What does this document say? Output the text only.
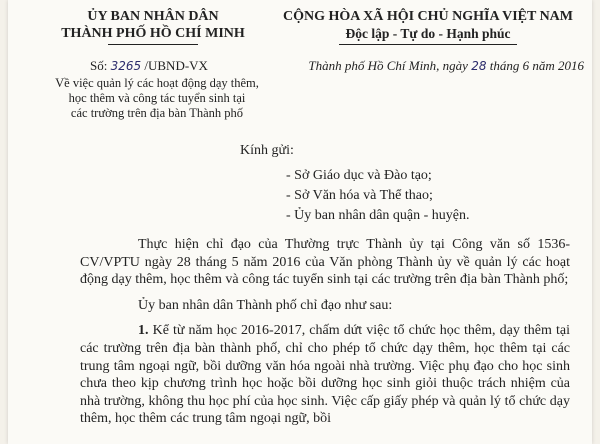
ỦY BAN NHÂN DÂN
THÀNH PHỐ HỒ CHÍ MINH
CỘNG HÒA XÃ HỘI CHỦ NGHĨA VIỆT NAM
Độc lập - Tự do - Hạnh phúc
Số: 3265 /UBND-VX
Về việc quản lý các hoạt động dạy thêm,
học thêm và công tác tuyển sinh tại
các trường trên địa bàn Thành phố
Thành phố Hồ Chí Minh, ngày 28 tháng 6 năm 2016
Kính gửi:
- Sở Giáo dục và Đào tạo;
- Sở Văn hóa và Thể thao;
- Ủy ban nhân dân quận - huyện.

Thực hiện chỉ đạo của Thường trực Thành ủy tại Công văn số 1536-CV/VPTU ngày 28 tháng 5 năm 2016 của Văn phòng Thành ủy về quản lý các hoạt động dạy thêm, học thêm và công tác tuyển sinh tại các trường trên địa bàn Thành phố;

Ủy ban nhân dân Thành phố chỉ đạo như sau:

1. Kể từ năm học 2016-2017, chấm dứt việc tổ chức học thêm, dạy thêm tại các trường trên địa bàn thành phố, chỉ cho phép tổ chức dạy thêm, học thêm tại các trung tâm ngoại ngữ, bồi dưỡng văn hóa ngoài nhà trường. Việc phụ đạo cho học sinh chưa theo kịp chương trình học hoặc bồi dưỡng học sinh giỏi thuộc trách nhiệm của nhà trường, không thu học phí của học sinh. Việc cấp giấy phép và quản lý tổ chức dạy thêm, học thêm các trung tâm ngoại ngữ, bồi
